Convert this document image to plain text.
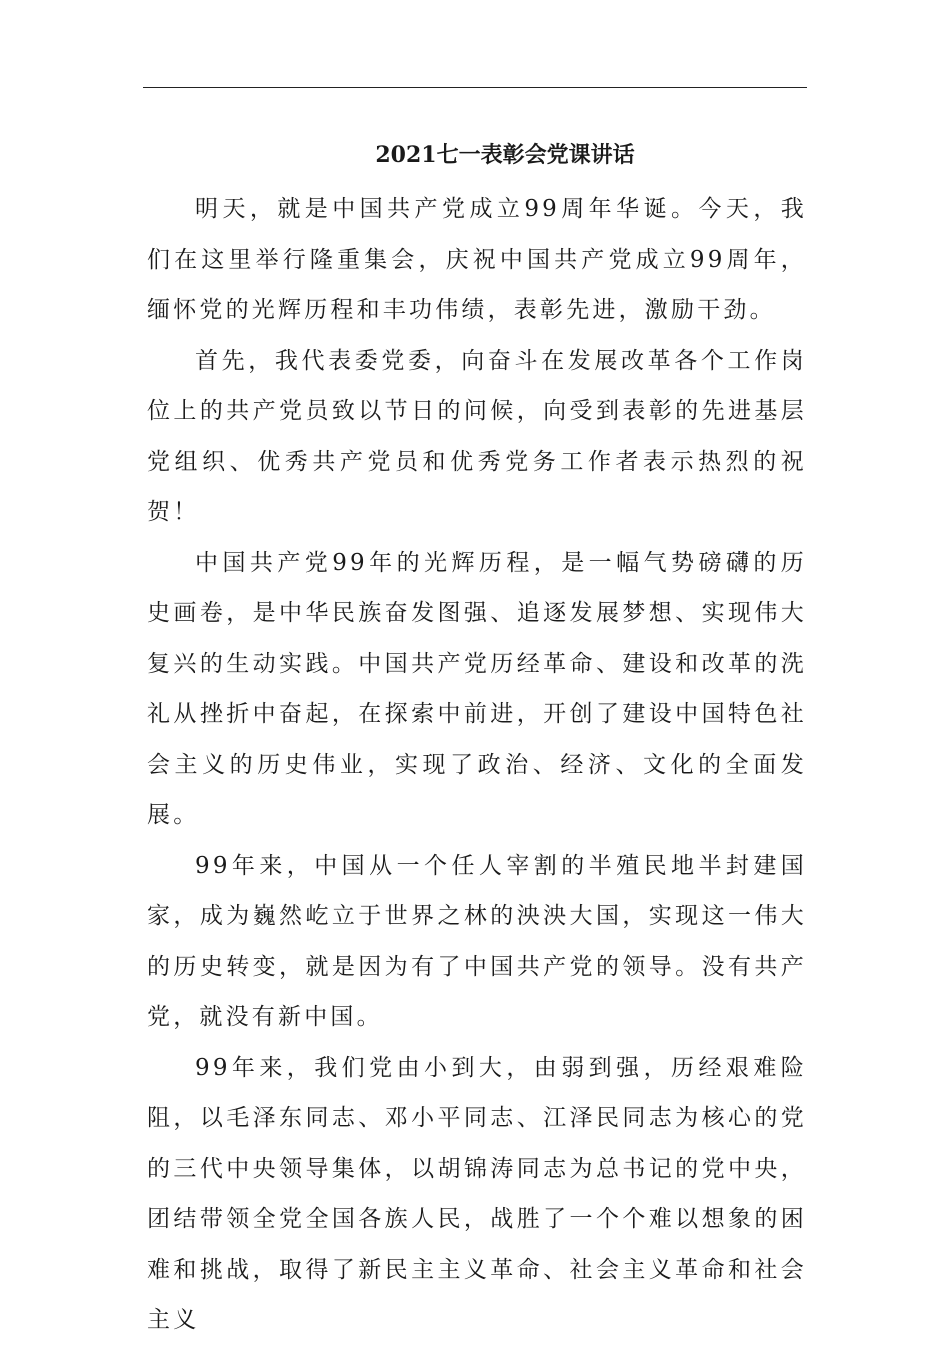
2021七一表彰会党课讲话

明天，就是中国共产党成立99周年华诞。今天，我们在这里举行隆重集会，庆祝中国共产党成立99周年，缅怀党的光辉历程和丰功伟绩，表彰先进，激励干劲。

首先，我代表委党委，向奋斗在发展改革各个工作岗位上的共产党员致以节日的问候，向受到表彰的先进基层党组织、优秀共产党员和优秀党务工作者表示热烈的祝贺！

中国共产党99年的光辉历程，是一幅气势磅礴的历史画卷，是中华民族奋发图强、追逐发展梦想、实现伟大复兴的生动实践。中国共产党历经革命、建设和改革的洗礼从挫折中奋起，在探索中前进，开创了建设中国特色社会主义的历史伟业，实现了政治、经济、文化的全面发展。

99年来，中国从一个任人宰割的半殖民地半封建国家，成为巍然屹立于世界之林的泱泱大国，实现这一伟大的历史转变，就是因为有了中国共产党的领导。没有共产党，就没有新中国。

99年来，我们党由小到大，由弱到强，历经艰难险阻，以毛泽东同志、邓小平同志、江泽民同志为核心的党的三代中央领导集体，以胡锦涛同志为总书记的党中央，团结带领全党全国各族人民，战胜了一个个难以想象的困难和挑战，取得了新民主主义革命、社会主义革命和社会主义
